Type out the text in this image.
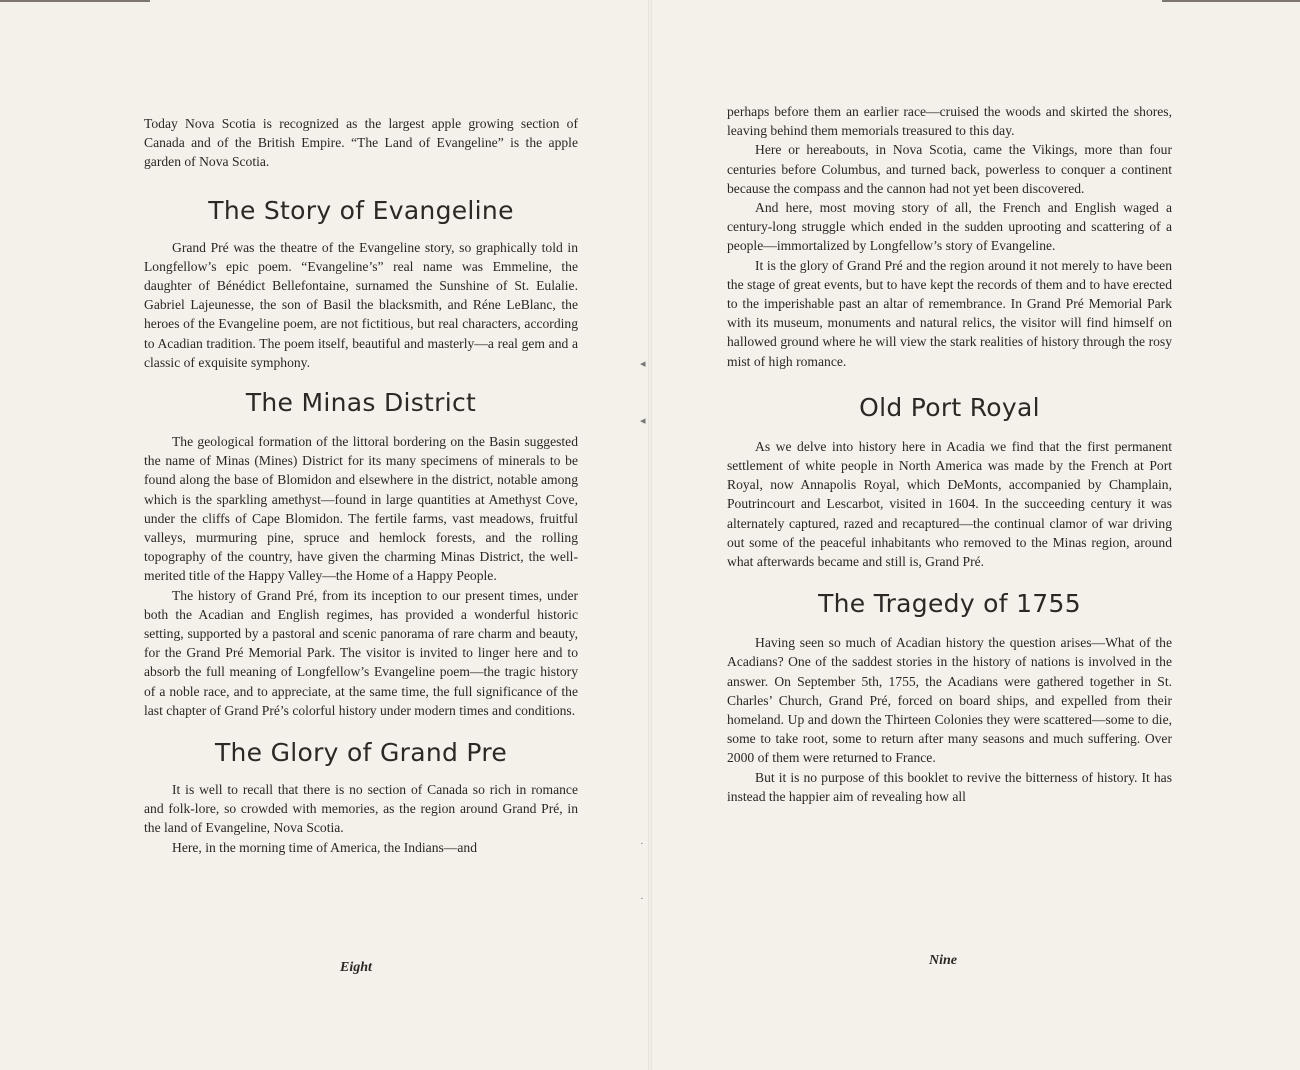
Today Nova Scotia is recognized as the largest apple growing section of Canada and of the British Empire. “The Land of Evangeline” is the apple garden of Nova Scotia.

The Story of Evangeline

Grand Pré was the theatre of the Evangeline story, so graphically told in Longfellow’s epic poem. “Evangeline’s” real name was Emmeline, the daughter of Bénédict Bellefontaine, surnamed the Sunshine of St. Eulalie. Gabriel Lajeunesse, the son of Basil the blacksmith, and Réne LeBlanc, the heroes of the Evangeline poem, are not fictitious, but real characters, according to Acadian tradition. The poem itself, beautiful and masterly—a real gem and a classic of exquisite symphony.

The Minas District

The geological formation of the littoral bordering on the Basin suggested the name of Minas (Mines) District for its many specimens of minerals to be found along the base of Blomidon and elsewhere in the district, notable among which is the sparkling amethyst—found in large quantities at Amethyst Cove, under the cliffs of Cape Blomidon. The fertile farms, vast meadows, fruitful valleys, murmuring pine, spruce and hemlock forests, and the rolling topography of the country, have given the charming Minas District, the well-merited title of the Happy Valley—the Home of a Happy People.

The history of Grand Pré, from its inception to our present times, under both the Acadian and English regimes, has provided a wonderful historic setting, supported by a pastoral and scenic panorama of rare charm and beauty, for the Grand Pré Memorial Park. The visitor is invited to linger here and to absorb the full meaning of Longfellow’s Evangeline poem—the tragic history of a noble race, and to appreciate, at the same time, the full significance of the last chapter of Grand Pré’s colorful history under modern times and conditions.

The Glory of Grand Pre

It is well to recall that there is no section of Canada so rich in romance and folk-lore, so crowded with memories, as the region around Grand Pré, in the land of Evangeline, Nova Scotia.

Here, in the morning time of America, the Indians—and

Eight
◂
◂
·
·

perhaps before them an earlier race—cruised the woods and skirted the shores, leaving behind them memorials treasured to this day.

Here or hereabouts, in Nova Scotia, came the Vikings, more than four centuries before Columbus, and turned back, powerless to conquer a continent because the compass and the cannon had not yet been discovered.

And here, most moving story of all, the French and English waged a century-long struggle which ended in the sudden uprooting and scattering of a people—immortalized by Longfellow’s story of Evangeline.

It is the glory of Grand Pré and the region around it not merely to have been the stage of great events, but to have kept the records of them and to have erected to the imperishable past an altar of remembrance. In Grand Pré Memorial Park with its museum, monuments and natural relics, the visitor will find himself on hallowed ground where he will view the stark realities of history through the rosy mist of high romance.

Old Port Royal

As we delve into history here in Acadia we find that the first permanent settlement of white people in North America was made by the French at Port Royal, now Annapolis Royal, which DeMonts, accompanied by Champlain, Poutrincourt and Lescarbot, visited in 1604. In the succeeding century it was alternately captured, razed and recaptured—the continual clamor of war driving out some of the peaceful inhabitants who removed to the Minas region, around what afterwards became and still is, Grand Pré.

The Tragedy of 1755

Having seen so much of Acadian history the question arises—What of the Acadians? One of the saddest stories in the history of nations is involved in the answer. On September 5th, 1755, the Acadians were gathered together in St. Charles’ Church, Grand Pré, forced on board ships, and expelled from their homeland. Up and down the Thirteen Colonies they were scattered—some to die, some to take root, some to return after many seasons and much suffering. Over 2000 of them were returned to France.

But it is no purpose of this booklet to revive the bitterness of history. It has instead the happier aim of revealing how all

Nine
